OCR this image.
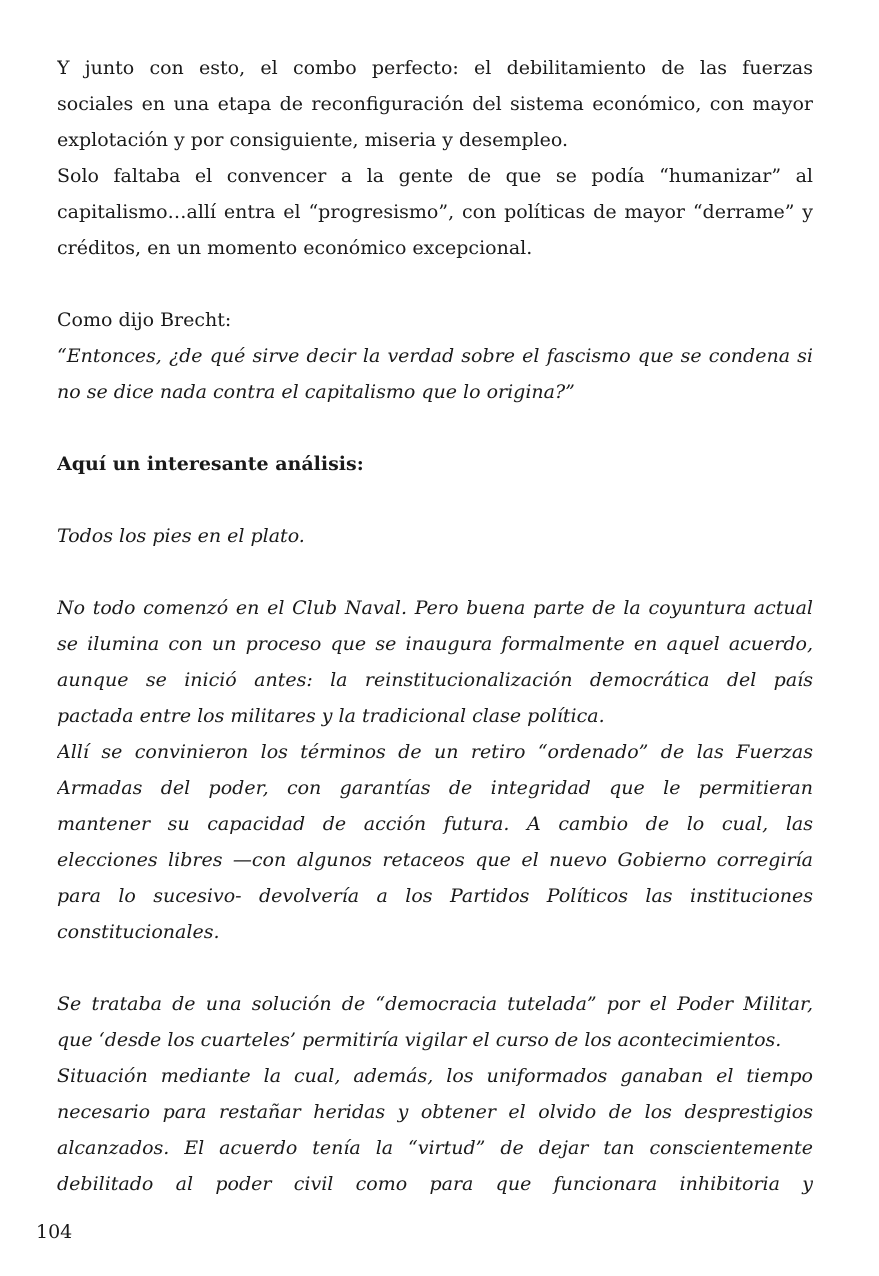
Y junto con esto, el combo perfecto: el debilitamiento de las fuerzas
sociales en una etapa de reconfiguración del sistema económico, con mayor
explotación y por consiguiente, miseria y desempleo.
Solo faltaba el convencer a la gente de que se podía “humanizar” al
capitalismo…allí entra el “progresismo”, con políticas de mayor “derrame” y
créditos, en un momento económico excepcional.
Como dijo Brecht:
“Entonces, ¿de qué sirve decir la verdad sobre el fascismo que se condena si
no se dice nada contra el capitalismo que lo origina?”
Aquí un interesante análisis:
Todos los pies en el plato.
No todo comenzó en el Club Naval. Pero buena parte de la coyuntura actual
se ilumina con un proceso que se inaugura formalmente en aquel acuerdo,
aunque se inició antes: la reinstitucionalización democrática del país
pactada entre los militares y la tradicional clase política.
Allí se convinieron los términos de un retiro “ordenado” de las Fuerzas
Armadas del poder, con garantías de integridad que le permitieran
mantener su capacidad de acción futura. A cambio de lo cual, las
elecciones libres —con algunos retaceos que el nuevo Gobierno corregiría
para lo sucesivo- devolvería a los Partidos Políticos las instituciones
constitucionales.
Se trataba de una solución de “democracia tutelada” por el Poder Militar,
que ‘desde los cuarteles’ permitiría vigilar el curso de los acontecimientos.
Situación mediante la cual, además, los uniformados ganaban el tiempo
necesario para restañar heridas y obtener el olvido de los desprestigios
alcanzados. El acuerdo tenía la “virtud” de dejar tan conscientemente
debilitado al poder civil como para que funcionara inhibitoria y
104
